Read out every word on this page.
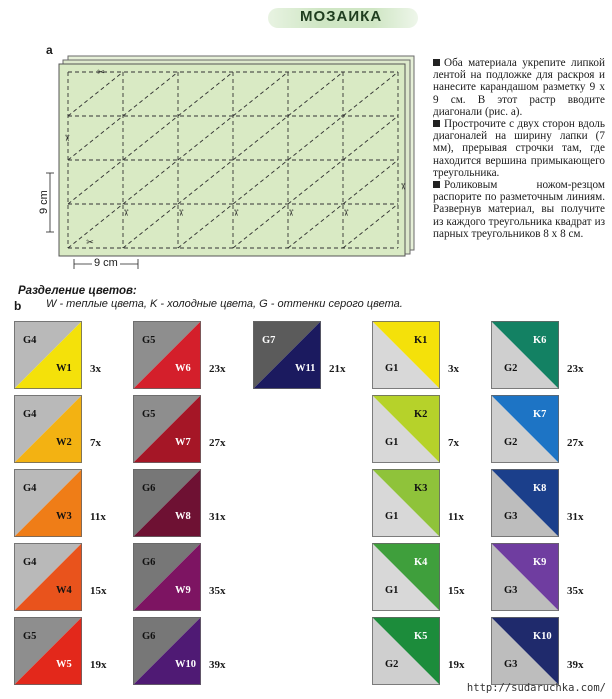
МОЗАИКА
a
✂
✂
✂	✂	✂	✂	✂
✂
✂
9 cm
9 cm

Оба материала укрепите липкой лентой на подложке для раскроя и нанесите карандашом разметку 9 х 9 см. В этот растр вводите диагонали (рис. а).

Прострочите с двух сторон вдоль диагоналей на ширину лапки (7 мм), прерывая строчки там, где находится вершина примыкающего треугольника.

Роликовым ножом-резцом распорите по разметочным линиям. Развернув материал, вы получите из каждого треугольника квадрат из парных треугольников 8 х 8 см.

Разделение цветов:
b W - теплые цвета, K - холодные цвета, G - оттенки серого цвета.
G4
W1 3x
G5
W6 23x
G7
W11 21x
K1
G1	3x
K6
G2	23x
G4
W2 7x
G5
W7 27x
K2
G1	7x
K7
G2	27x
G4
W3 11x
G6
W8 31x
K3
G1	11x
K8
G3	31x
G4
W4 15x
G6
W9 35x
K4
G1	15x
K9
G3	35x
G5
W5 19x
G6
W10 39x
K5
G2	19x
K10
G3	39x
http://sudaruchka.com/
